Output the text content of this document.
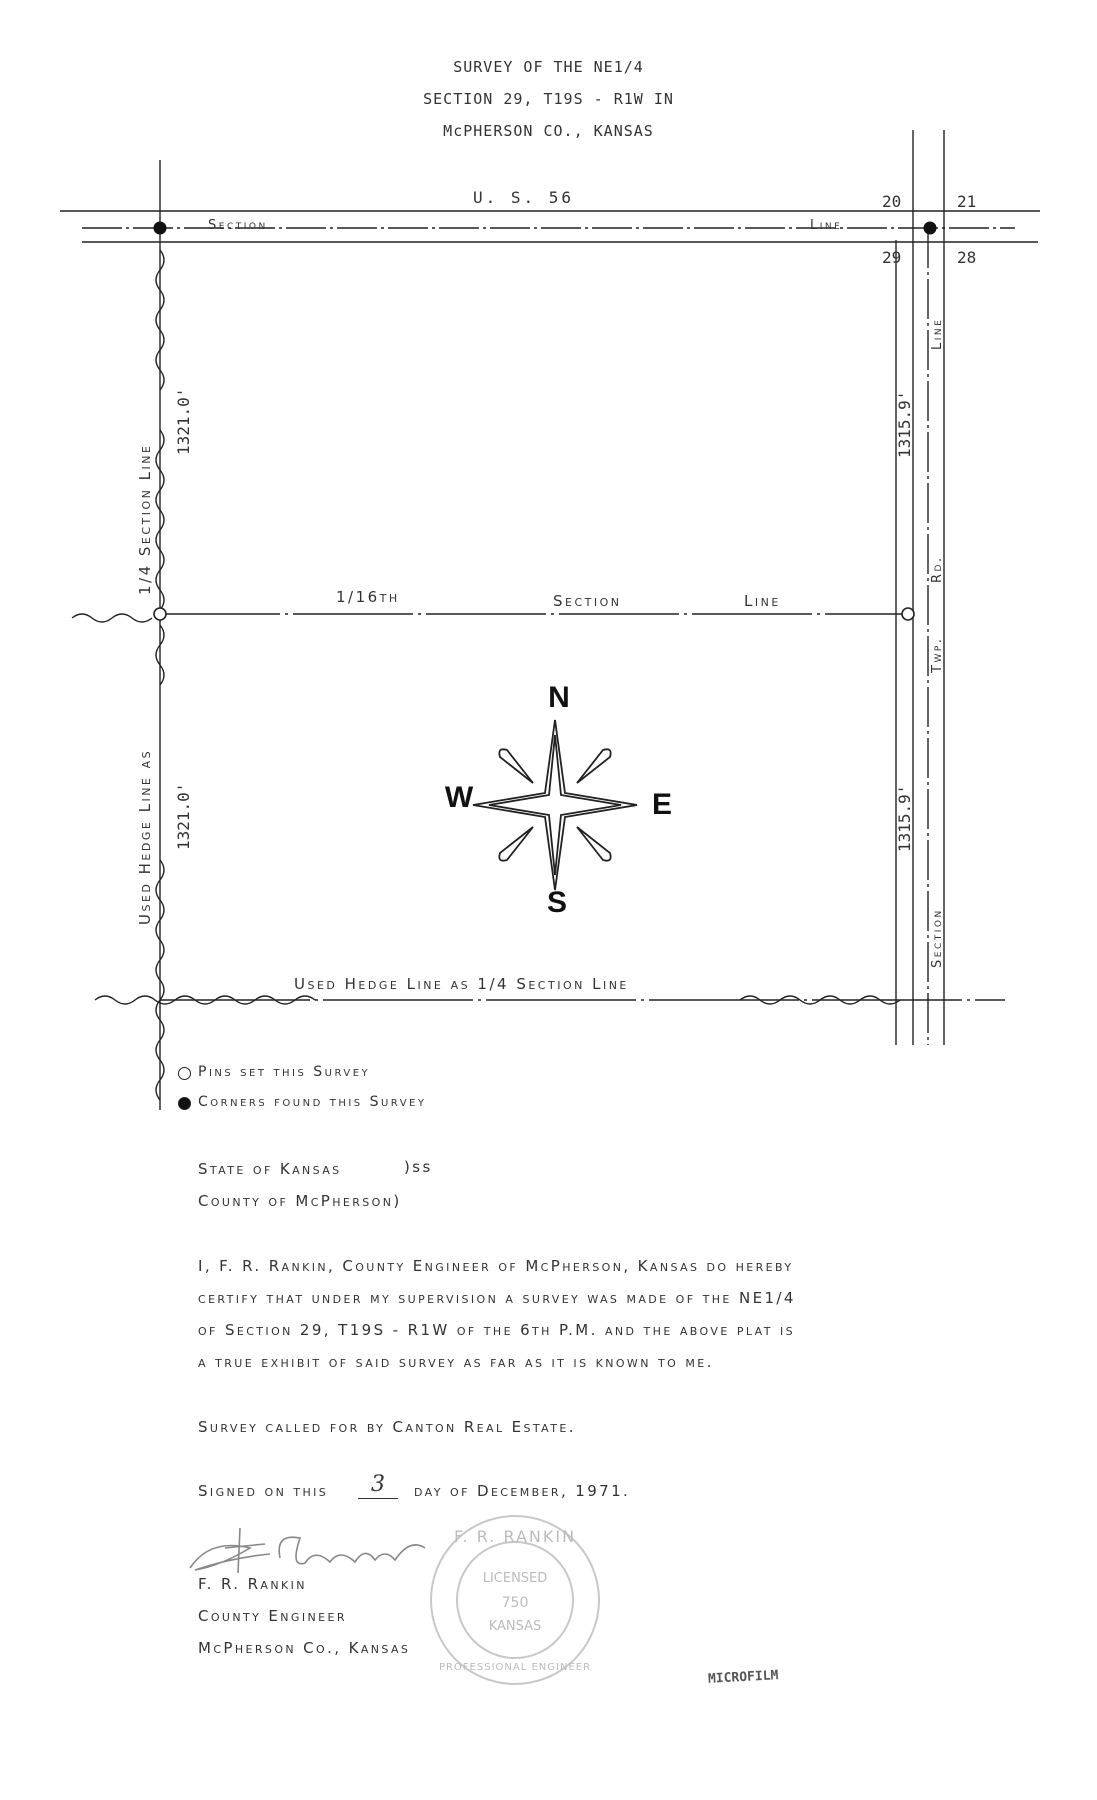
SURVEY OF THE NE1/4
SECTION 29, T19S - R1W IN
McPHERSON CO., KANSAS
N
S
E
W
U. S. 56
Section	Line
20	21
29	28
1/4 Section Line
Used Hedge Line as
1321.0'
1321.0'
1315.9'
1315.9'
Line
Rd.
Twp.
Section
1/16th	Section	Line
Used Hedge Line as 1/4 Section Line
Pins set this Survey
Corners found this Survey
State of Kansas	)ss
County of McPherson)
I, F. R. Rankin, County Engineer of McPherson, Kansas do hereby
certify that under my supervision a survey was made of the NE1/4
of Section 29, T19S - R1W of the 6th P.M. and the above plat is
a true exhibit of said survey as far as it is known to me.
Survey called for by Canton Real Estate.
Signed on this	3	day of December, 1971.
F. R. Rankin
County Engineer
McPherson Co., Kansas
F. R. RANKIN
LICENSED
750
KANSAS
PROFESSIONAL ENGINEER
MICROFILM
